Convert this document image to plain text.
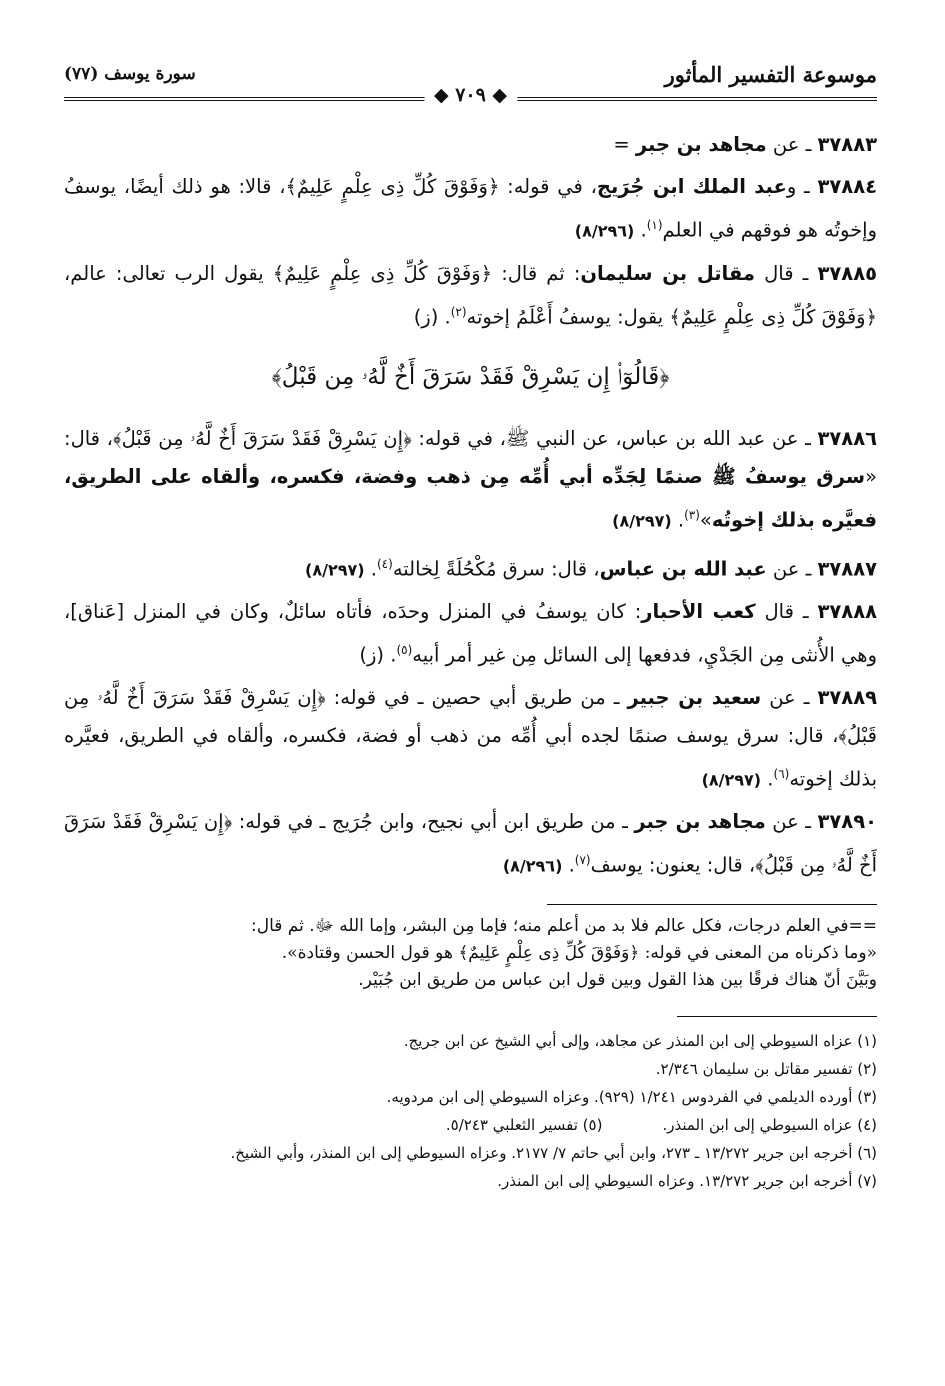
موسوعة التفسير المأثور
سورة يوسف (٧٧)
◆ ٧٠٩ ◆
٣٧٨٨٣ ـ عن مجاهد بن جبر =
٣٧٨٨٤ ـ وعبد الملك ابن جُرَيج، في قوله: ﴿وَفَوْقَ كُلِّ ذِى عِلْمٍ عَلِيمٌ﴾، قالا: هو ذلك أيضًا، يوسفُ وإخوتُه هو فوقهم في العلم$^{(١)}$. (٨/٢٩٦)
٣٧٨٨٥ ـ قال مقاتل بن سليمان: ثم قال: ﴿وَفَوْقَ كُلِّ ذِى عِلْمٍ عَلِيمٌ﴾ يقول الرب تعالى: عالم، ﴿وَفَوْقَ كُلِّ ذِى عِلْمٍ عَلِيمٌ﴾ يقول: يوسفُ أَعْلَمُ إخوته$^{(٢)}$. (ز)
﴿قَالُوٓا۟ إِن يَسْرِقْ فَقَدْ سَرَقَ أَخٌ لَّهُۥ مِن قَبْلُ﴾
٣٧٨٨٦ ـ عن عبد الله بن عباس، عن النبي ﷺ، في قوله: ﴿إِن يَسْرِقْ فَقَدْ سَرَقَ أَخٌ لَّهُۥ مِن قَبْلُ﴾، قال: «سرق يوسفُ ﷺ صنمًا لِجَدِّه أبي أُمِّه مِن ذهب وفضة، فكسره، وألقاه على الطريق، فعيَّره بذلك إخوتُه»$^{(٣)}$. (٨/٢٩٧)
٣٧٨٨٧ ـ عن عبد الله بن عباس، قال: سرق مُكْحُلَةً لِخالته$^{(٤)}$. (٨/٢٩٧)
٣٧٨٨٨ ـ قال كعب الأحبار: كان يوسفُ في المنزل وحدَه، فأتاه سائلٌ، وكان في المنزل [عَناق]، وهي الأُنثى مِن الجَدْيِ، فدفعها إلى السائل مِن غير أمر أبيه$^{(٥)}$. (ز)
٣٧٨٨٩ ـ عن سعيد بن جبير ـ من طريق أبي حصين ـ في قوله: ﴿إِن يَسْرِقْ فَقَدْ سَرَقَ أَخٌ لَّهُۥ مِن قَبْلُ﴾، قال: سرق يوسف صنمًا لجده أبي أُمِّه من ذهب أو فضة، فكسره، وألقاه في الطريق، فعيَّره بذلك إخوته$^{(٦)}$. (٨/٢٩٧)
٣٧٨٩٠ ـ عن مجاهد بن جبر ـ من طريق ابن أبي نجيح، وابن جُرَيج ـ في قوله: ﴿إِن يَسْرِقْ فَقَدْ سَرَقَ أَخٌ لَّهُۥ مِن قَبْلُ﴾، قال: يعنون: يوسف$^{(٧)}$. (٨/٢٩٦)
==في العلم درجات، فكل عالم فلا بد من أعلم منه؛ فإما مِن البشر، وإما الله ﷻ. ثم قال:
«وما ذكرناه من المعنى في قوله: ﴿وَفَوْقَ كُلِّ ذِى عِلْمٍ عَلِيمٌ﴾ هو قول الحسن وقتادة».
وبَيَّنَ أنّ هناك فرقًا بين هذا القول وبين قول ابن عباس من طريق ابن جُبَيْر.

(١) عزاه السيوطي إلى ابن المنذر عن مجاهد، وإلى أبي الشيخ عن ابن جريج.

(٢) تفسير مقاتل بن سليمان ٢/٣٤٦.

(٣) أورده الديلمي في الفردوس ١/٢٤١ (٩٢٩). وعزاه السيوطي إلى ابن مردويه.

(٤) عزاه السيوطي إلى ابن المنذر.

(٥) تفسير الثعلبي ٥/٢٤٣.

(٦) أخرجه ابن جرير ١٣/٢٧٢ ـ ٢٧٣، وابن أبي حاتم ٧/ ٢١٧٧. وعزاه السيوطي إلى ابن المنذر، وأبي الشيخ.

(٧) أخرجه ابن جرير ١٣/٢٧٢. وعزاه السيوطي إلى ابن المنذر.
